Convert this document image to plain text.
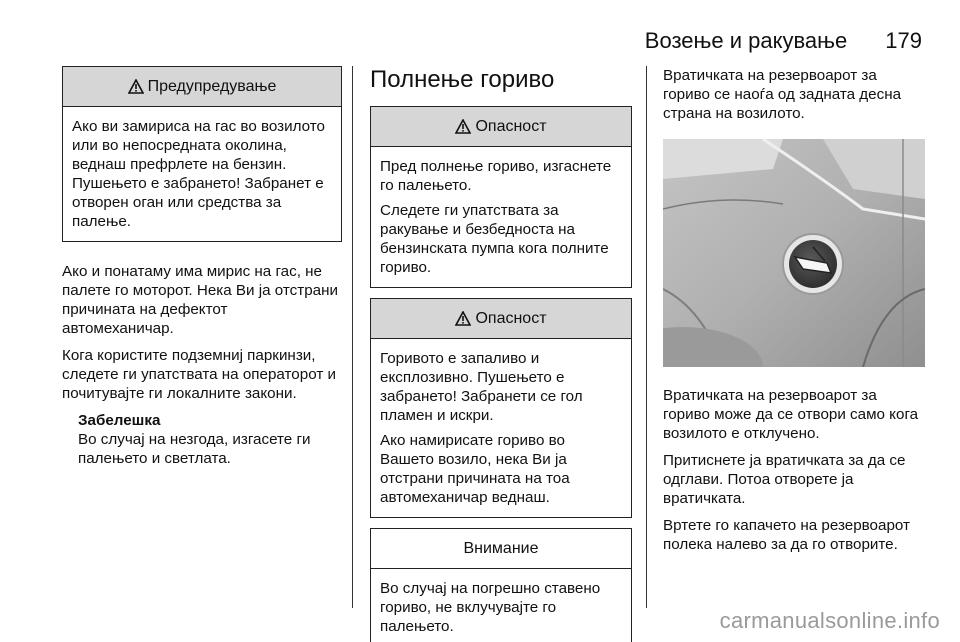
Возење и ракување 179
Предупредување

Ако ви замириса на гас во возилото или во непосредната околина, веднаш префрлете на бензин. Пушењето е забрането! Забранет е отворен оган или средства за палење.

Ако и понатаму има мирис на гас, не палете го моторот. Нека Ви ја отстрани причината на дефектот автомеханичар.

Кога користите подземниј паркинзи, следете ги упатствата на операторот и почитувајте ги локалните закони.

Забелешка

Во случај на незгода, изгасете ги палењето и светлата.

Полнење гориво
Опасност

Пред полнење гориво, изгаснете го палењето.

Следете ги упатствата за ракување и безбедноста на бензинската пумпа кога полните гориво.

Опасност

Горивото е запаливо и експлозивно. Пушењето е забрането! Забранети се гол пламен и искри.

Ако намирисате гориво во Вашето возило, нека Ви ја отстрани причината на тоа автомеханичар веднаш.

Внимание

Во случај на погрешно ставено гориво, не вклучувајте го палењето.

Вратичката на резервоарот за гориво се наоѓа од задната десна страна на возилото.

Вратичката на резервоарот за гориво може да се отвори само кога возилото е отклучено.

Притиснете ја вратичката за да се одглави. Потоа отворете ја вратичката.

Вртете го капачето на резервоарот полека налево за да го отворите.

carmanualsonline.info
